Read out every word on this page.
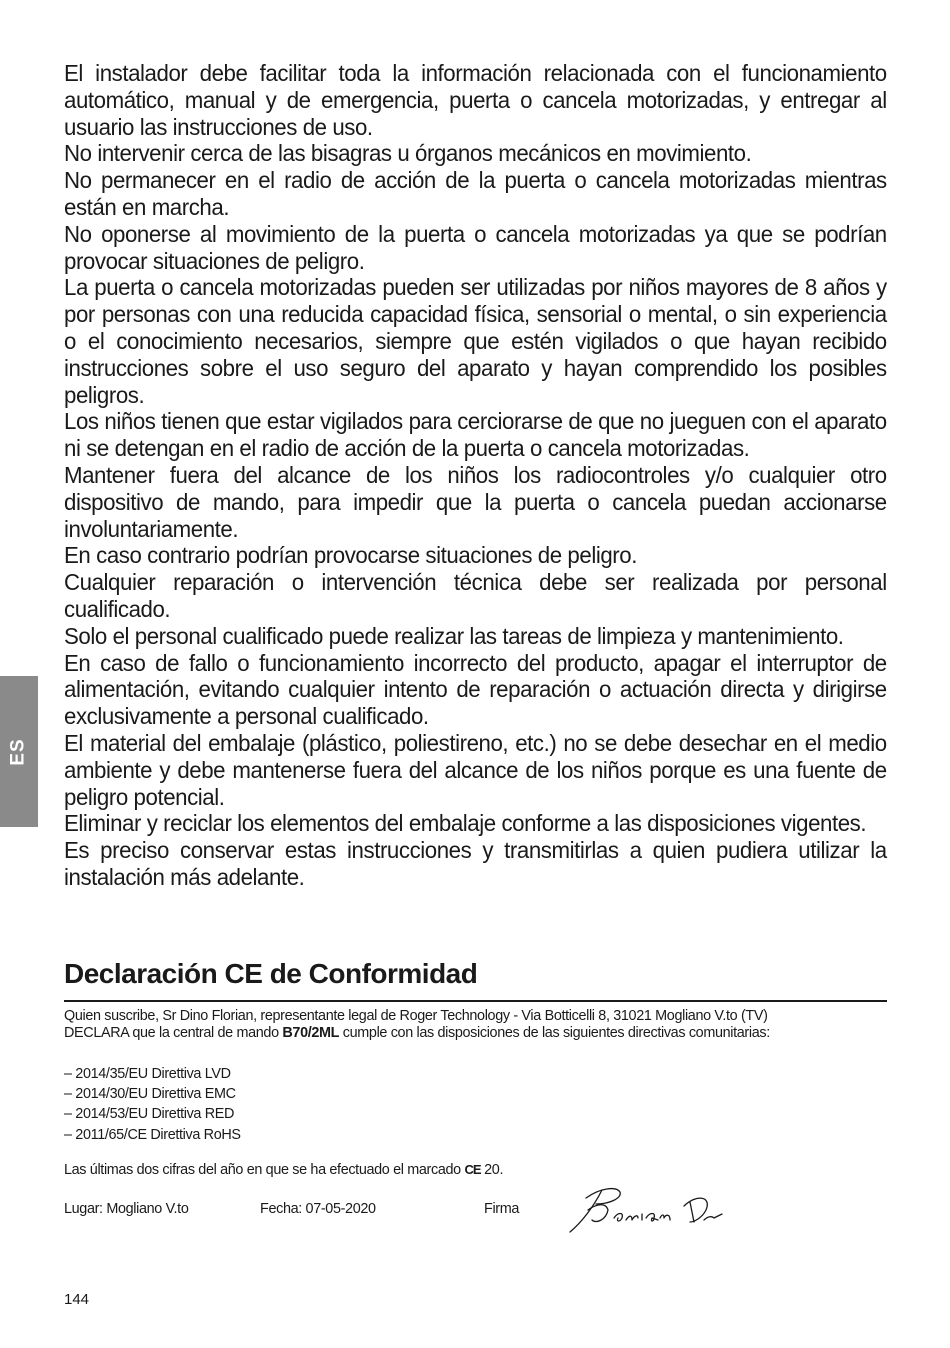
ES

El instalador debe facilitar toda la información relacionada con el funcionamiento automático, manual y de emergencia, puerta o cancela motorizadas, y entregar al usuario las instrucciones de uso.

No intervenir cerca de las bisagras u órganos mecánicos en movimiento.

No permanecer en el radio de acción de la puerta o cancela motorizadas mientras están en marcha.

No oponerse al movimiento de la puerta o cancela motorizadas ya que se podrían provocar situaciones de peligro.

La puerta o cancela motorizadas pueden ser utilizadas por niños mayores de 8 años y por personas con una reducida capacidad física, sensorial o mental, o sin experiencia o el conocimiento necesarios, siempre que estén vigilados o que hayan recibido instrucciones sobre el uso seguro del aparato y hayan comprendido los posibles peligros.

Los niños tienen que estar vigilados para cerciorarse de que no jueguen con el aparato ni se detengan en el radio de acción de la puerta o cancela motorizadas.

Mantener fuera del alcance de los niños los radiocontroles y/o cualquier otro dispositivo de mando, para impedir que la puerta o cancela puedan accionarse involuntariamente.

En caso contrario podrían provocarse situaciones de peligro.

Cualquier reparación o intervención técnica debe ser realizada por personal cualificado.

Solo el personal cualificado puede realizar las tareas de limpieza y mantenimiento.

En caso de fallo o funcionamiento incorrecto del producto, apagar el interruptor de alimentación, evitando cualquier intento de reparación o actuación directa y dirigirse exclusivamente a personal cualificado.

El material del embalaje (plástico, poliestireno, etc.) no se debe desechar en el medio ambiente y debe mantenerse fuera del alcance de los niños porque es una fuente de peligro potencial.

Eliminar y reciclar los elementos del embalaje conforme a las disposiciones vigentes.

Es preciso conservar estas instrucciones y transmitirlas a quien pudiera utilizar la instalación más adelante.

Declaración CE de Conformidad

Quien suscribe, Sr Dino Florian, representante legal de Roger Technology - Via Botticelli 8, 31021 Mogliano V.to (TV)

DECLARA que la central de mando B70/2ML cumple con las disposiciones de las siguientes directivas comunitarias:

– 2014/35/EU Direttiva LVD
– 2014/30/EU Direttiva EMC
– 2014/53/EU Direttiva RED
– 2011/65/CE Direttiva RoHS
Las últimas dos cifras del año en que se ha efectuado el marcado CE 20.
Lugar: Mogliano V.to	Fecha: 07-05-2020	Firma
144
